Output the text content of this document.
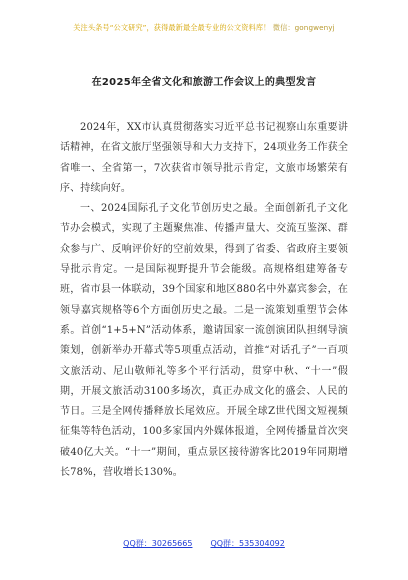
关注头条号“公文研究”，获得最新最全最专业的公文资料库！ 微信：gongwenyj
在2025年全省文化和旅游工作会议上的典型发言

2024年，XX市认真贯彻落实习近平总书记视察山东重要讲话精神，在省文旅厅坚强领导和大力支持下，24项业务工作获全省唯一、全省第一，7次获省市领导批示肯定，文旅市场繁荣有序、持续向好。

一、2024国际孔子文化节创历史之最。全面创新孔子文化节办会模式，实现了主题聚焦准、传播声量大、交流互鉴深、群众参与广、反响评价好的空前效果，得到了省委、省政府主要领导批示肯定。一是国际视野提升节会能级。高规格组建筹备专班，省市县一体联动，39个国家和地区880名中外嘉宾参会，在领导嘉宾规格等6个方面创历史之最。二是一流策划重塑节会体系。首创“1+5+N”活动体系，邀请国家一流创演团队担纲导演策划，创新举办开幕式等5项重点活动，首推“对话孔子”一百项文旅活动、尼山敬师礼等多个平行活动，贯穿中秋、“十一”假期，开展文旅活动3100多场次，真正办成文化的盛会、人民的节日。三是全网传播释放长尾效应。开展全球Z世代图文短视频征集等特色活动，100多家国内外媒体报道，全网传播量首次突破40亿大关。“十一”期间，重点景区接待游客比2019年同期增长78%，营收增长130%。

QQ群：30265665 QQ群：535304092
